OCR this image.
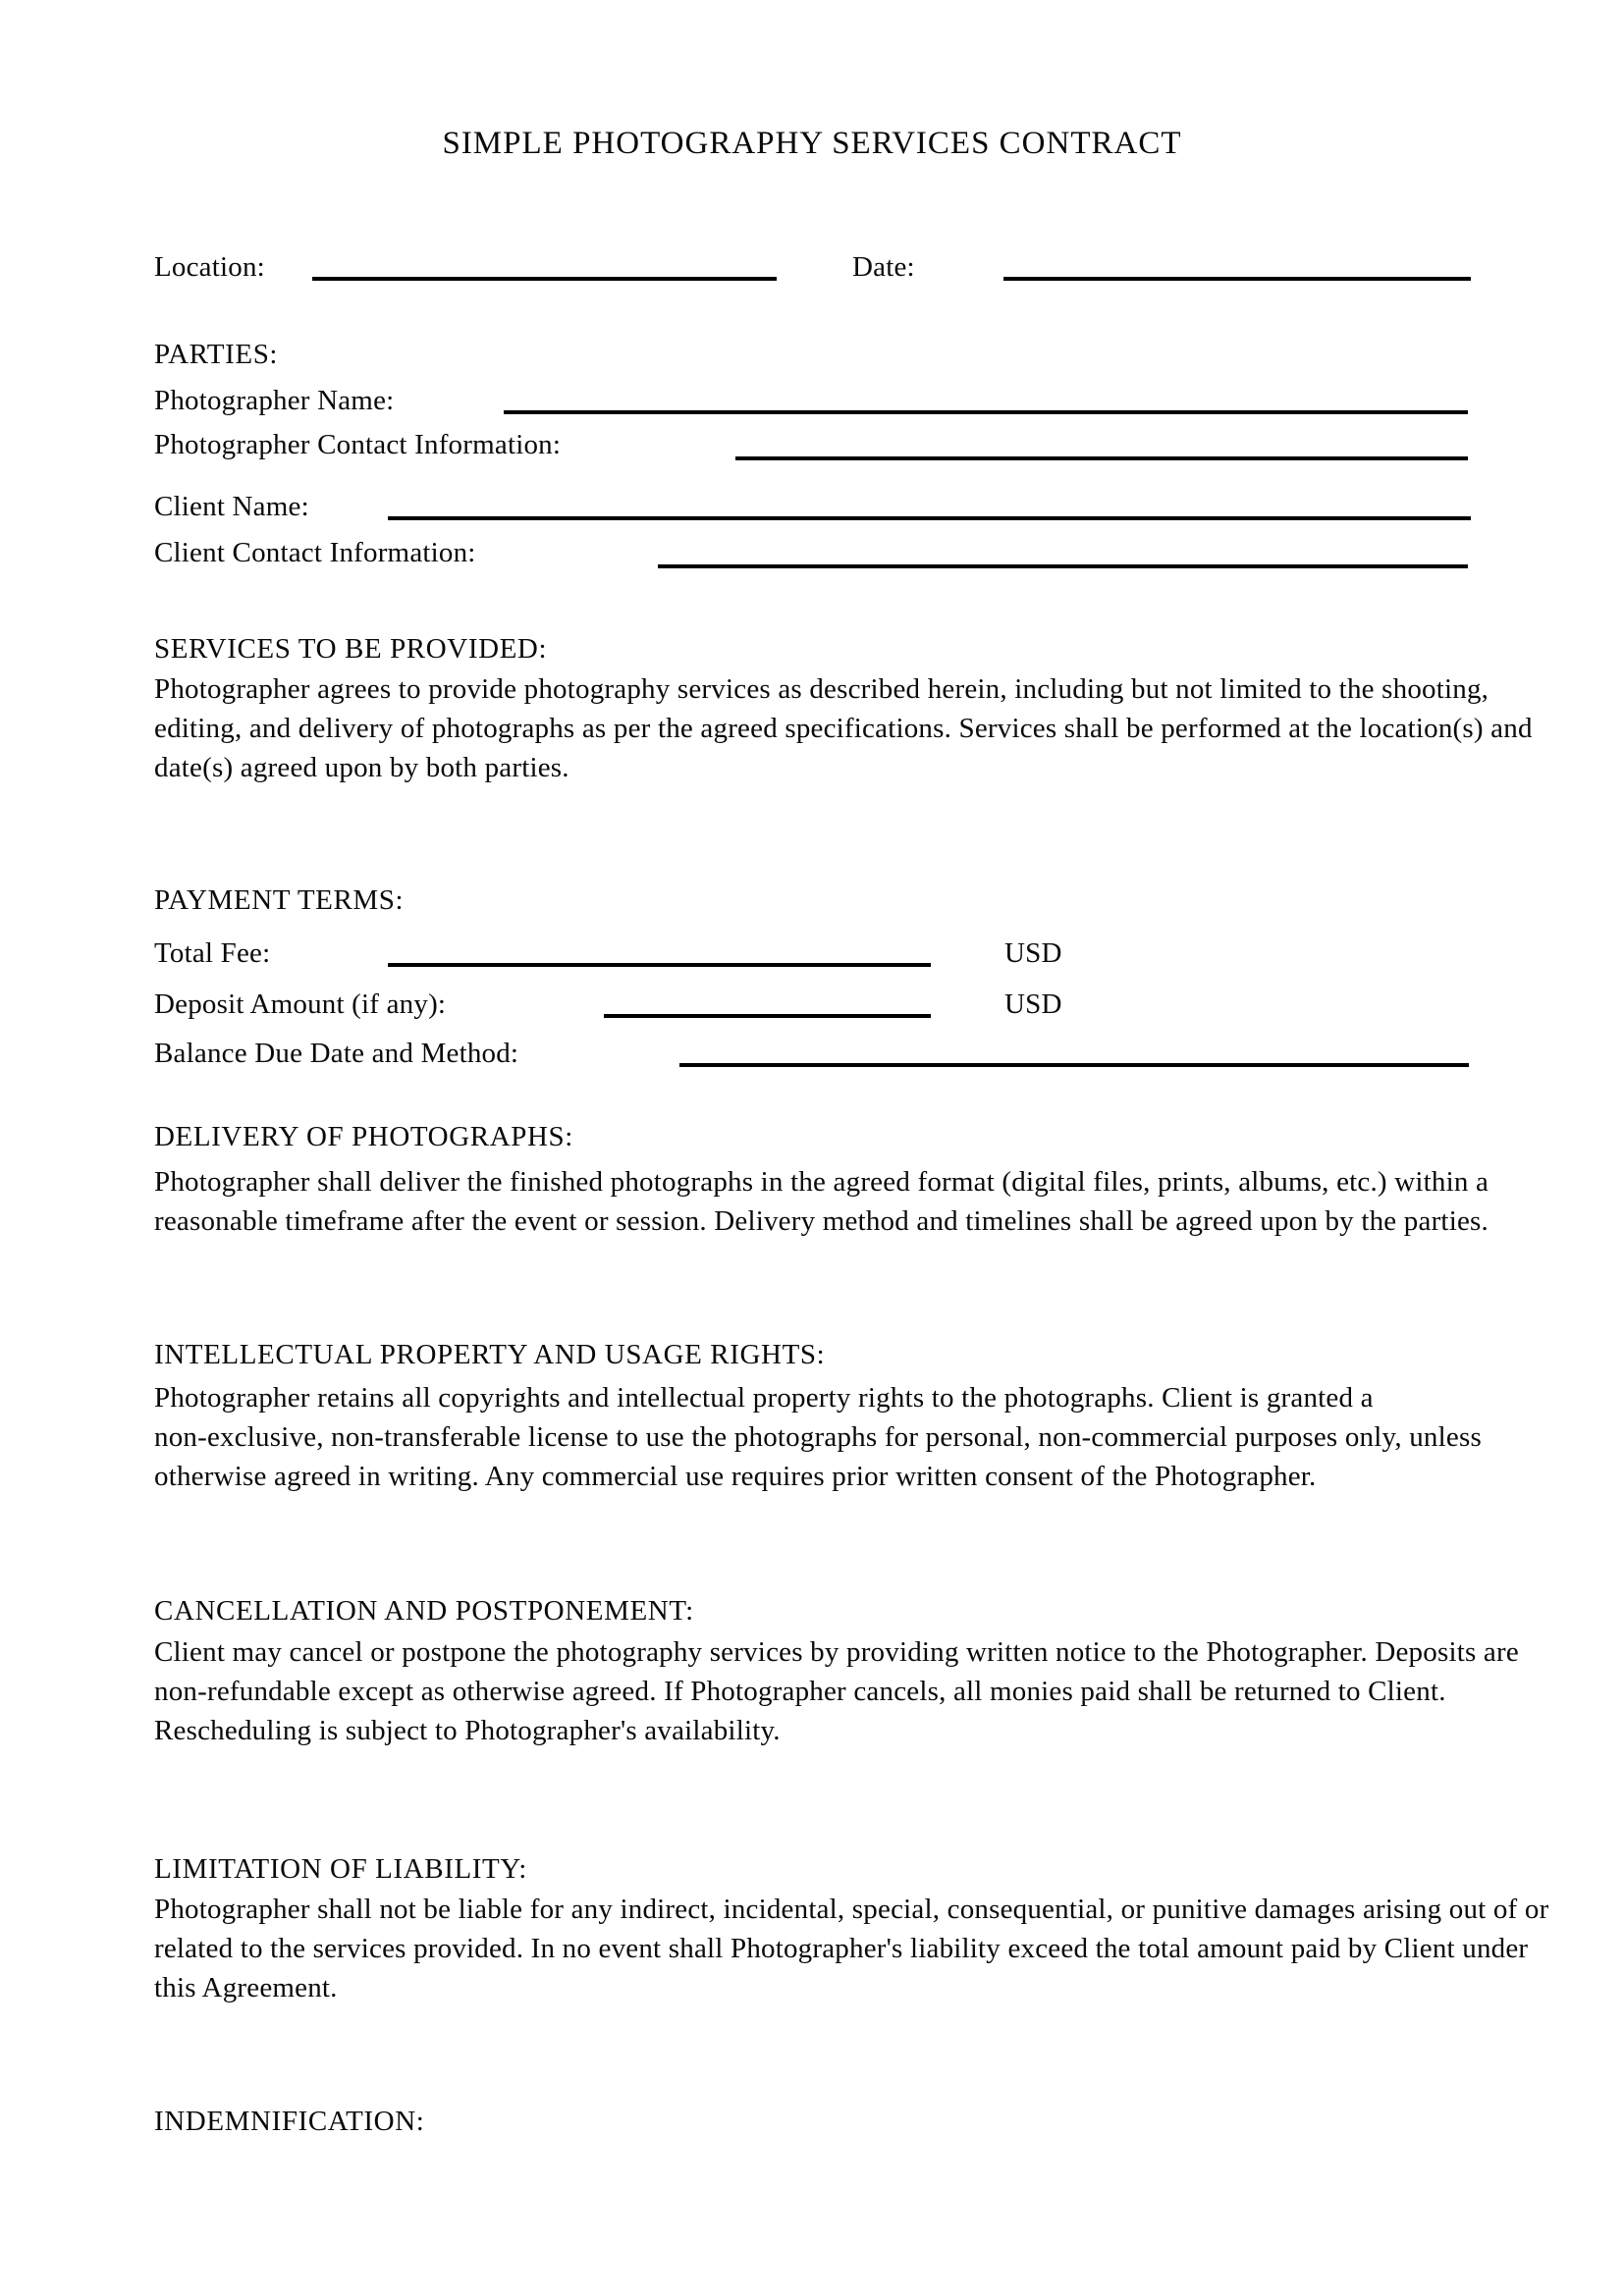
SIMPLE PHOTOGRAPHY SERVICES CONTRACT
Location:	Date:
PARTIES:
Photographer Name:
Photographer Contact Information:
Client Name:
Client Contact Information:
SERVICES TO BE PROVIDED:
Photographer agrees to provide photography services as described herein, including but not limited to the shooting,
editing, and delivery of photographs as per the agreed specifications. Services shall be performed at the location(s) and
date(s) agreed upon by both parties.
PAYMENT TERMS:
Total Fee:	USD
Deposit Amount (if any):	USD
Balance Due Date and Method:
DELIVERY OF PHOTOGRAPHS:
Photographer shall deliver the finished photographs in the agreed format (digital files, prints, albums, etc.) within a
reasonable timeframe after the event or session. Delivery method and timelines shall be agreed upon by the parties.
INTELLECTUAL PROPERTY AND USAGE RIGHTS:
Photographer retains all copyrights and intellectual property rights to the photographs. Client is granted a
non-exclusive, non-transferable license to use the photographs for personal, non-commercial purposes only, unless
otherwise agreed in writing. Any commercial use requires prior written consent of the Photographer.
CANCELLATION AND POSTPONEMENT:
Client may cancel or postpone the photography services by providing written notice to the Photographer. Deposits are
non-refundable except as otherwise agreed. If Photographer cancels, all monies paid shall be returned to Client.
Rescheduling is subject to Photographer's availability.
LIMITATION OF LIABILITY:
Photographer shall not be liable for any indirect, incidental, special, consequential, or punitive damages arising out of or
related to the services provided. In no event shall Photographer's liability exceed the total amount paid by Client under
this Agreement.
INDEMNIFICATION:
